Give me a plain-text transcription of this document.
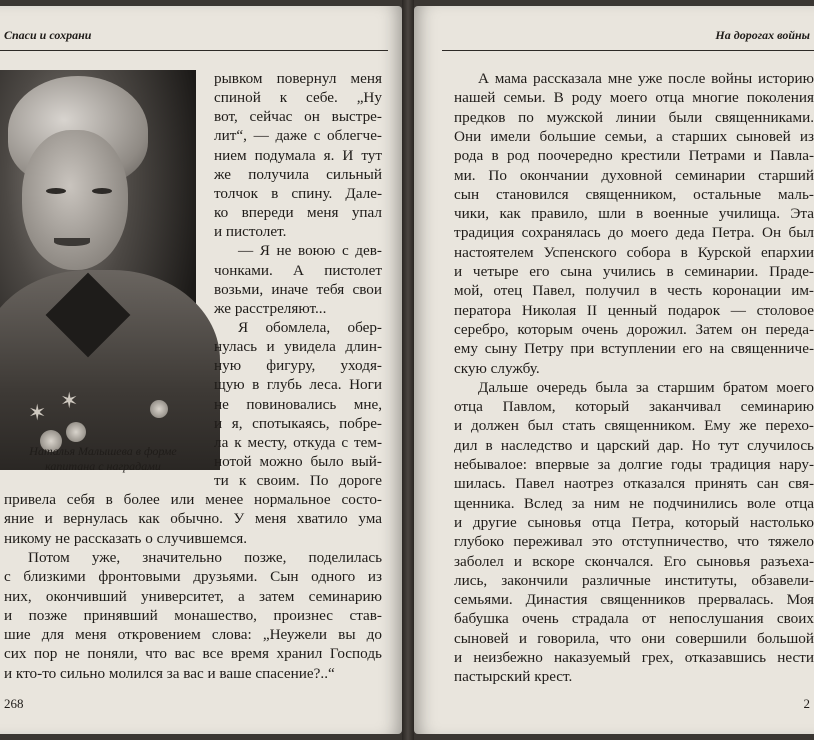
Спаси и сохрани
✶ ✶
Наталья Малышева в форме капитана с наградами
рывком повернул меня
спиной к себе. „Ну
вот, сейчас он выстре-
лит“, — даже с облегче-
нием подумала я. И тут
же получила сильный
толчок в спину. Дале-
ко впереди меня упал
и пистолет.
— Я не воюю с дев-
чонками. А пистолет
возьми, иначе тебя свои
же расстреляют...
Я обомлела, обер-
нулась и увидела длин-
ную фигуру, уходя-
щую в глубь леса. Ноги
не повиновались мне,
и я, спотыкаясь, побре-
ла к месту, откуда с тем-
нотой можно было вый-
ти к своим. По дороге
привела себя в более или менее нормальное состо-
яние и вернулась как обычно. У меня хватило ума
никому не рассказать о случившемся.
Потом уже, значительно позже, поделилась
с близкими фронтовыми друзьями. Сын одного из
них, окончивший университет, а затем семинарию
и позже принявший монашество, произнес став-
шие для меня откровением слова: „Неужели вы до
сих пор не поняли, что вас все время хранил Господь
и кто-то сильно молился за вас и ваше спасение?..“
268
На дорогах войны
А мама рассказала мне уже после войны историю
нашей семьи. В роду моего отца многие поколения
предков по мужской линии были священниками.
Они имели большие семьи, а старших сыновей из
рода в род поочередно крестили Петрами и Павла-
ми. По окончании духовной семинарии старший
сын становился священником, остальные маль-
чики, как правило, шли в военные училища. Эта
традиция сохранялась до моего деда Петра. Он был
настоятелем Успенского собора в Курской епархии
и четыре его сына учились в семинарии. Праде-
мой, отец Павел, получил в честь коронации им-
ператора Николая II ценный подарок — столовое
серебро, которым очень дорожил. Затем он переда-
ему сыну Петру при вступлении его на священниче-
скую службу.
Дальше очередь была за старшим братом моего
отца Павлом, который заканчивал семинарию
и должен был стать священником. Ему же перехо-
дил в наследство и царский дар. Но тут случилось
небывалое: впервые за долгие годы традиция нару-
шилась. Павел наотрез отказался принять сан свя-
щенника. Вслед за ним не подчинились воле отца
и другие сыновья отца Петра, который настолько
глубоко переживал это отступничество, что тяжело
заболел и вскоре скончался. Его сыновья разъеха-
лись, закончили различные институты, обзавели-
семьями. Династия священников прервалась. Моя
бабушка очень страдала от непослушания своих
сыновей и говорила, что они совершили большой
и неизбежно наказуемый грех, отказавшись нести
пастырский крест.
2
